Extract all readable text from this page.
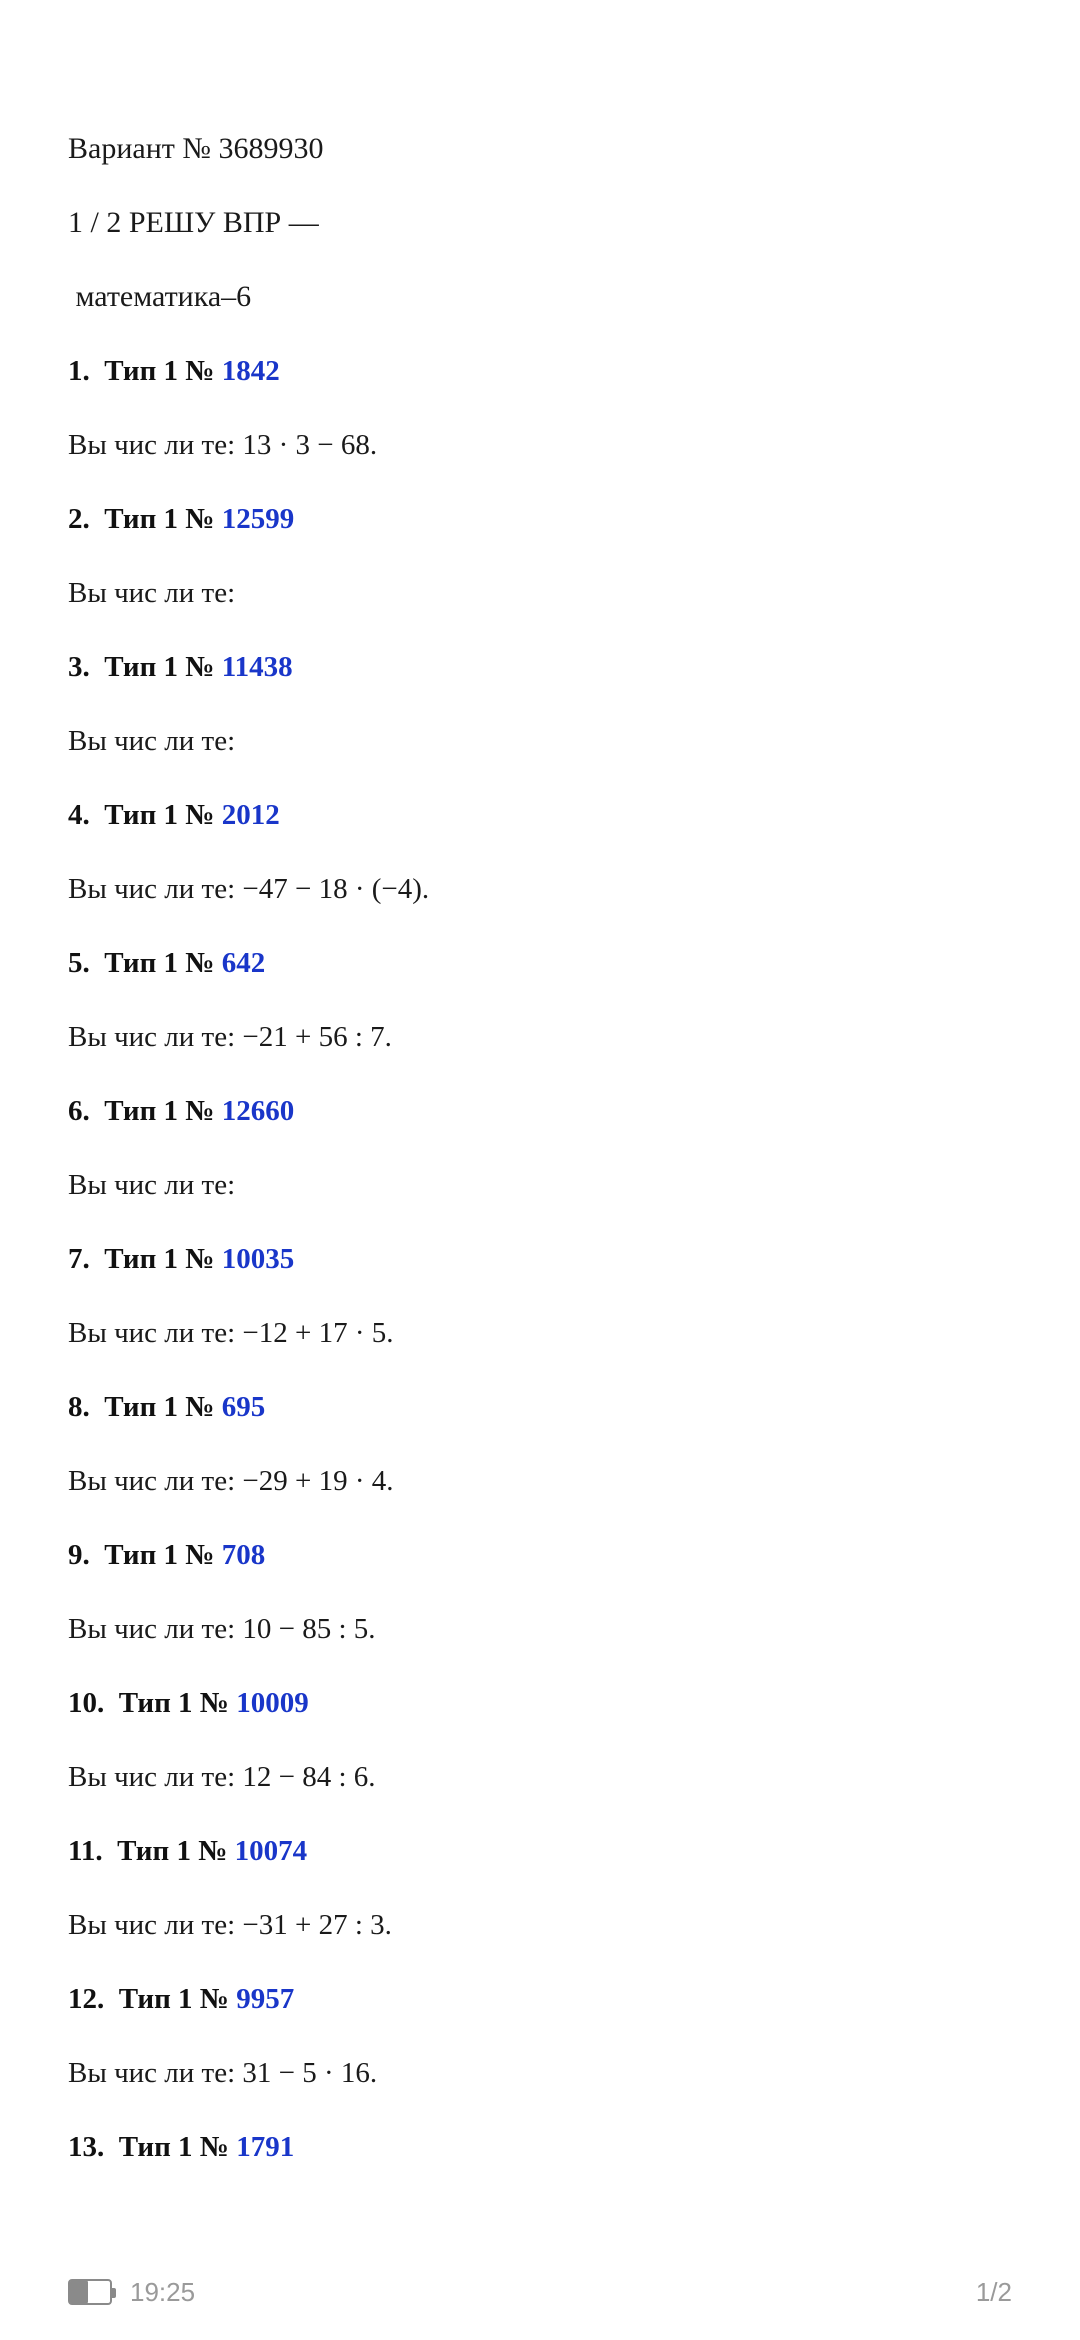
Вариант № 3689930
1 / 2 РЕШУ ВПР —
математика–6
1.  Тип 1 № 1842
Вы чис ли те: 13 · 3 − 68.
2.  Тип 1 № 12599
Вы чис ли те:
3.  Тип 1 № 11438
Вы чис ли те:
4.  Тип 1 № 2012
Вы чис ли те: −47 − 18 · (−4).
5.  Тип 1 № 642
Вы чис ли те: −21 + 56 : 7.
6.  Тип 1 № 12660
Вы чис ли те:
7.  Тип 1 № 10035
Вы чис ли те: −12 + 17 · 5.
8.  Тип 1 № 695
Вы чис ли те: −29 + 19 · 4.
9.  Тип 1 № 708
Вы чис ли те: 10 − 85 : 5.
10.  Тип 1 № 10009
Вы чис ли те: 12 − 84 : 6.
11.  Тип 1 № 10074
Вы чис ли те: −31 + 27 : 3.
12.  Тип 1 № 9957
Вы чис ли те: 31 − 5 · 16.
13.  Тип 1 № 1791
19:25	1/2
